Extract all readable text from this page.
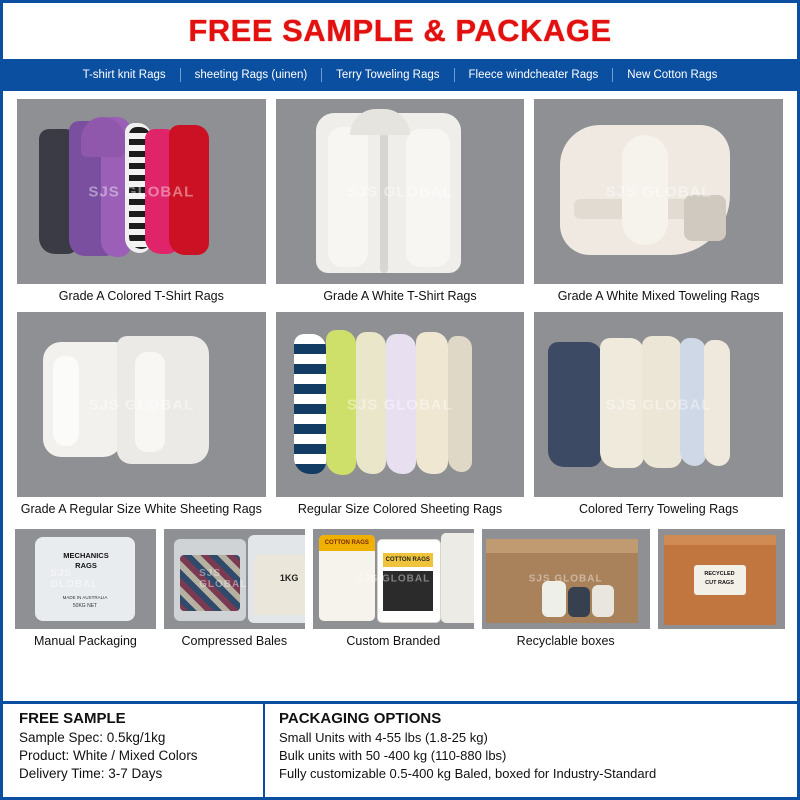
FREE SAMPLE & PACKAGE
T-shirt knit Rags	sheeting Rags (uinen)	Terry Toweling Rags	Fleece windcheater Rags	New Cotton Rags
SJS GLOBAL
Grade A Colored T-Shirt Rags
SJS GLOBAL
Grade A White T-Shirt Rags
SJS GLOBAL
Grade A White Mixed Toweling Rags
SJS GLOBAL
Grade A Regular Size White Sheeting Rags
SJS GLOBAL
Regular Size Colored Sheeting Rags
SJS GLOBAL
Colored Terry Toweling Rags
MECHANICS
RAGS
MADE IN AUSTRALIA
50KG NET
SJS GLOBAL
Manual Packaging
1KG
SJS GLOBAL
Compressed Bales
COTTON RAGS
COTTON RAGS
SJS GLOBAL
Custom Branded
SJS GLOBAL
Recyclable boxes
RECYCLED
CUT RAGS
FREE SAMPLE
Sample Spec: 0.5kg/1kg
Product: White / Mixed Colors
Delivery Time: 3-7 Days
PACKAGING OPTIONS
Small Units with 4-55 lbs (1.8-25 kg)
Bulk units with 50 -400 kg (110-880 lbs)
Fully customizable 0.5-400 kg Baled, boxed for Industry-Standard
